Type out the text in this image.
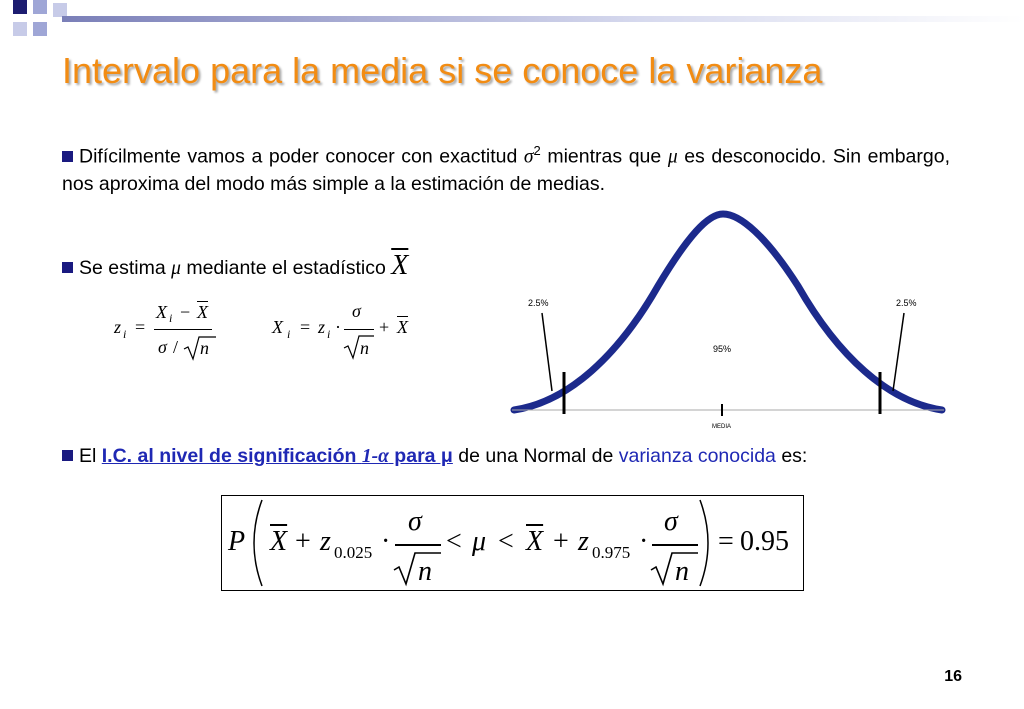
Intervalo para la media si se conoce la varianza
Difícilmente vamos a poder conocer con exactitud $\sigma^2$ mientras que μ es desconocido. Sin embargo, nos aproxima del modo más simple a la estimación de medias.
Se estima μ mediante el estadístico $\overline{X}$
z i =
X $i - \overline{X}$
σ / n
X i = z i ·
σ
n
+ $\overline{X}$
2.5%	2.5%
95%
MEDIA
El I.C. al nivel de significación 1-α para μ de una Normal de varianza conocida es:
P $\overline{X} + z$ 0.025 ·
σ
n
< $\mu < \overline{X} + z$ 0.975 ·
σ
n
= 0.95
16
